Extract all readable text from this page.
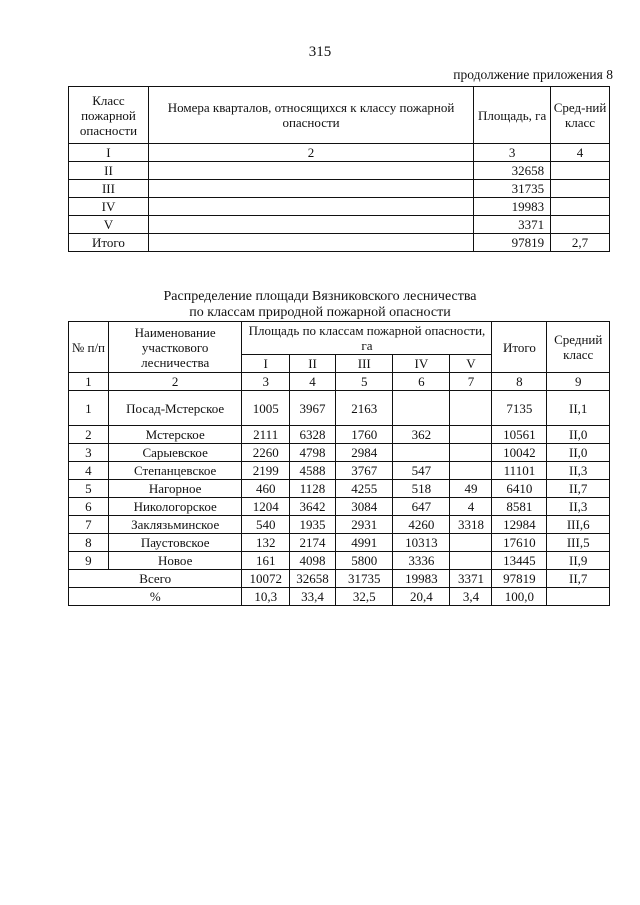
315
продолжение приложения 8
Класс пожарной опасности	Номера кварталов, относящихся к классу пожарной опасности	Площадь, га	Сред-ний класс
I	2	3	4
II		32658	
III		31735	
IV		19983	
V		3371	
Итого		97819	2,7
Распределение площади Вязниковского лесничества
по классам природной пожарной опасности
№ п/п	Наименование участкового лесничества	Площадь по классам пожарной опасности, га					Итого	Средний класс
		I	II	III	IV	V		
1	2	3	4	5	6	7	8	9
1	Посад-Мстерское	1005	3967	2163			7135	II,1
2	Мстерское	2111	6328	1760	362		10561	II,0
3	Сарыевское	2260	4798	2984			10042	II,0
4	Степанцевское	2199	4588	3767	547		11101	II,3
5	Нагорное	460	1128	4255	518	49	6410	II,7
6	Никологорское	1204	3642	3084	647	4	8581	II,3
7	Заклязьминское	540	1935	2931	4260	3318	12984	III,6
8	Паустовское	132	2174	4991	10313		17610	III,5
9	Новое	161	4098	5800	3336		13445	II,9
Всего		10072	32658	31735	19983	3371	97819	II,7
%		10,3	33,4	32,5	20,4	3,4	100,0	
